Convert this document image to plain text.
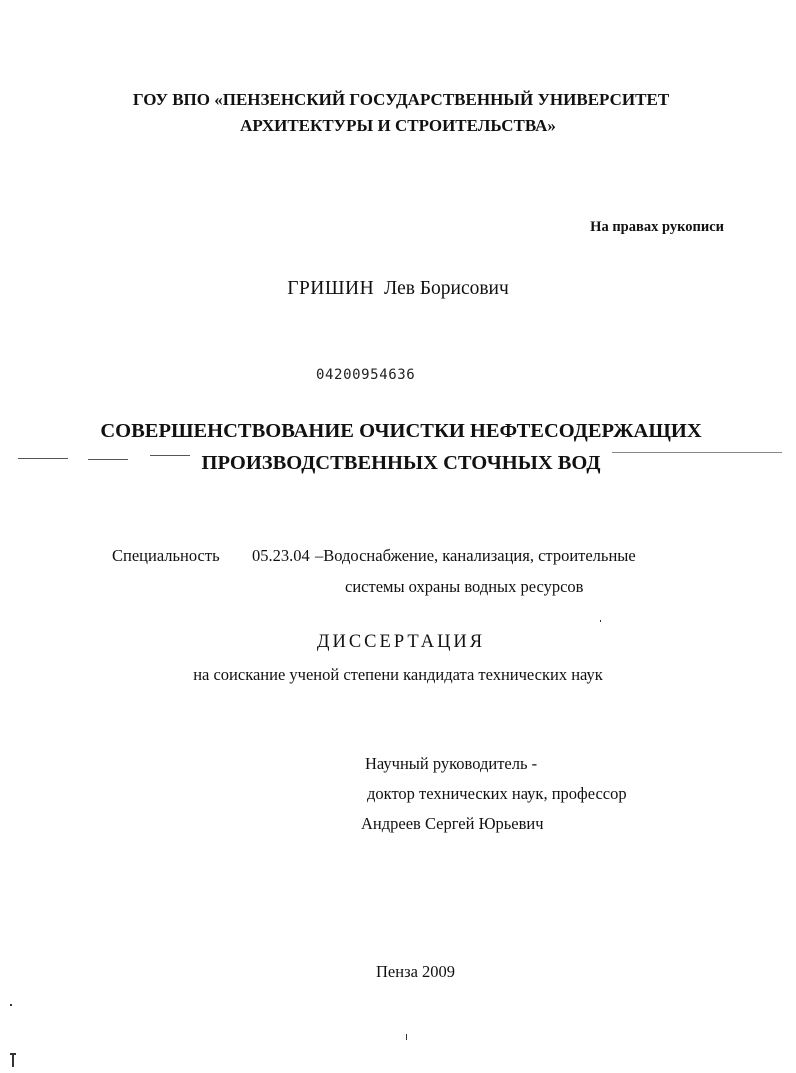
ГОУ ВПО «ПЕНЗЕНСКИЙ ГОСУДАРСТВЕННЫЙ УНИВЕРСИТЕТ
АРХИТЕКТУРЫ И СТРОИТЕЛЬСТВА»
На правах рукописи
ГРИШИН Лев Борисович
04200954636
СОВЕРШЕНСТВОВАНИЕ ОЧИСТКИ НЕФТЕСОДЕРЖАЩИХ
ПРОИЗВОДСТВЕННЫХ СТОЧНЫХ ВОД
Специальность 05.23.04 –Водоснабжение, канализация, строительные
системы охраны водных ресурсов
ДИССЕРТАЦИЯ
на соискание ученой степени кандидата технических наук
Научный руководитель -
доктор технических наук, профессор
Андреев Сергей Юрьевич
Пенза 2009
